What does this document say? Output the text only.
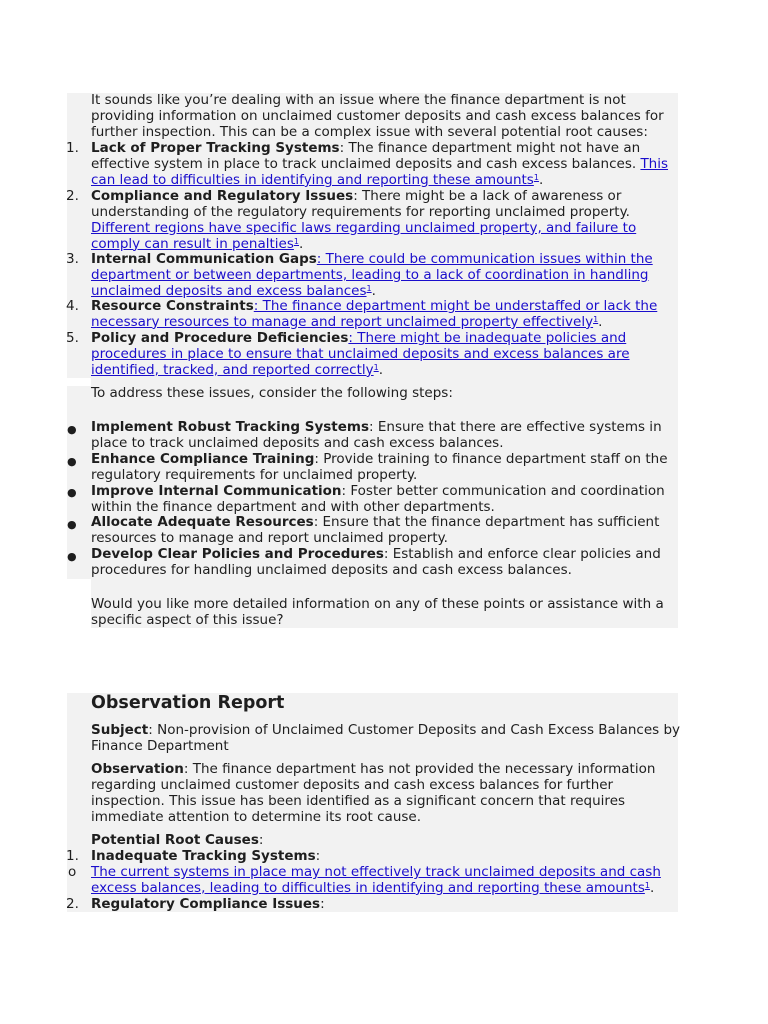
It sounds like you’re dealing with an issue where the finance department is not providing information on unclaimed customer deposits and cash excess balances for further inspection. This can be a complex issue with several potential root causes:

1. Lack of Proper Tracking Systems: The finance department might not have an effective system in place to track unclaimed deposits and cash excess balances. This can lead to difficulties in identifying and reporting these amounts$^1$.

2. Compliance and Regulatory Issues: There might be a lack of awareness or understanding of the regulatory requirements for reporting unclaimed property. Different regions have specific laws regarding unclaimed property, and failure to comply can result in penalties$^1$.

3. Internal Communication Gaps: There could be communication issues within the department or between departments, leading to a lack of coordination in handling unclaimed deposits and excess balances$^1$.

4. Resource Constraints: The finance department might be understaffed or lack the necessary resources to manage and report unclaimed property effectively$^1$.

5. Policy and Procedure Deficiencies: There might be inadequate policies and procedures in place to ensure that unclaimed deposits and excess balances are identified, tracked, and reported correctly$^1$.

To address these issues, consider the following steps:

● Implement Robust Tracking Systems: Ensure that there are effective systems in place to track unclaimed deposits and cash excess balances.

● Enhance Compliance Training: Provide training to finance department staff on the regulatory requirements for unclaimed property.

● Improve Internal Communication: Foster better communication and coordination within the finance department and with other departments.

● Allocate Adequate Resources: Ensure that the finance department has sufficient resources to manage and report unclaimed property.

● Develop Clear Policies and Procedures: Establish and enforce clear policies and procedures for handling unclaimed deposits and cash excess balances.

Would you like more detailed information on any of these points or assistance with a specific aspect of this issue?

Observation Report

Subject: Non-provision of Unclaimed Customer Deposits and Cash Excess Balances by Finance Department

Observation: The finance department has not provided the necessary information regarding unclaimed customer deposits and cash excess balances for further inspection. This issue has been identified as a significant concern that requires immediate attention to determine its root cause.

Potential Root Causes:

1. Inadequate Tracking Systems:

o The current systems in place may not effectively track unclaimed deposits and cash excess balances, leading to difficulties in identifying and reporting these amounts$^1$.

2. Regulatory Compliance Issues:
